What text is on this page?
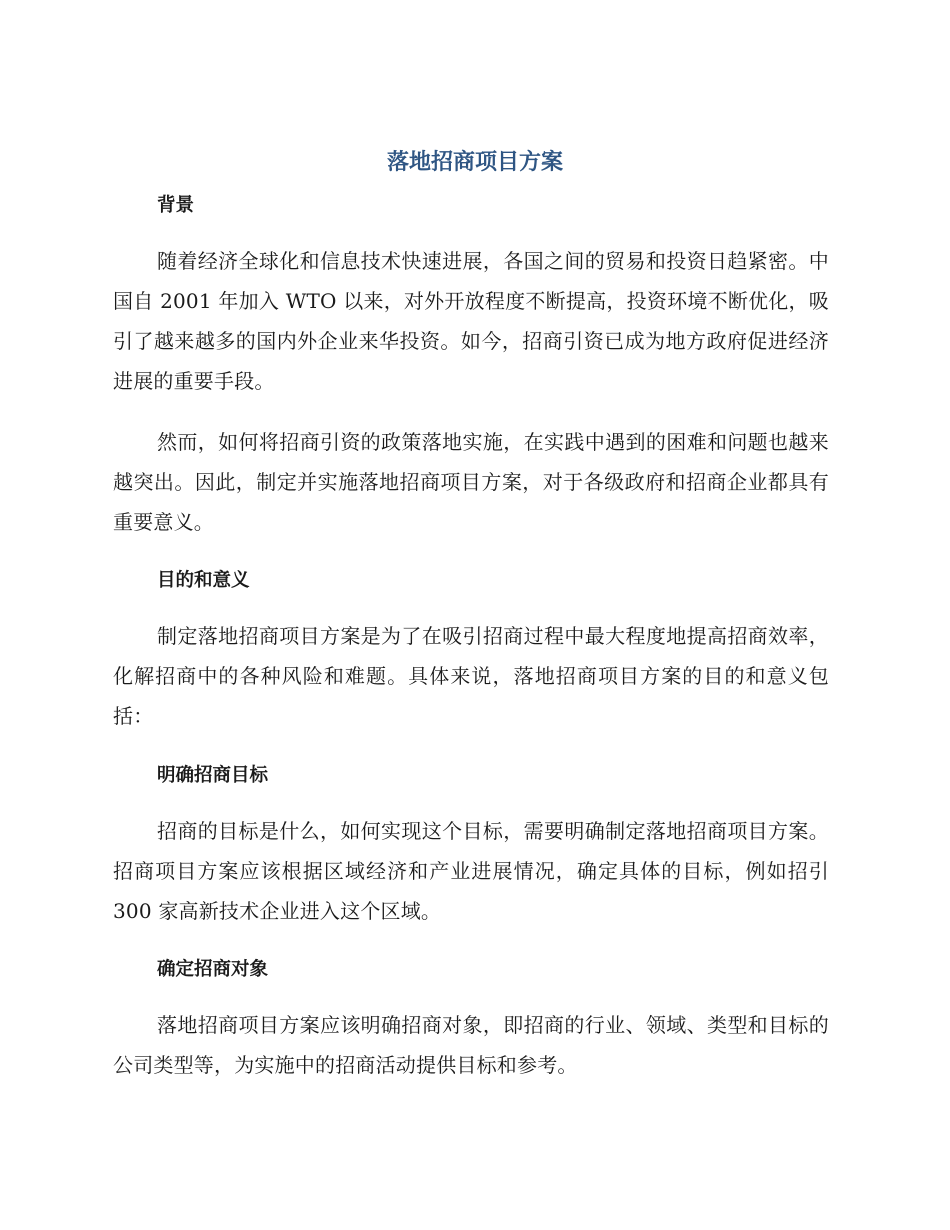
落地招商项目方案
背景

随着经济全球化和信息技术快速进展，各国之间的贸易和投资日趋紧密。中国自 2001 年加入 WTO 以来，对外开放程度不断提高，投资环境不断优化，吸引了越来越多的国内外企业来华投资。如今，招商引资已成为地方政府促进经济进展的重要手段。

然而，如何将招商引资的政策落地实施，在实践中遇到的困难和问题也越来越突出。因此，制定并实施落地招商项目方案，对于各级政府和招商企业都具有重要意义。

目的和意义

制定落地招商项目方案是为了在吸引招商过程中最大程度地提高招商效率，化解招商中的各种风险和难题。具体来说，落地招商项目方案的目的和意义包括：

明确招商目标

招商的目标是什么，如何实现这个目标，需要明确制定落地招商项目方案。招商项目方案应该根据区域经济和产业进展情况，确定具体的目标，例如招引 300 家高新技术企业进入这个区域。

确定招商对象

落地招商项目方案应该明确招商对象，即招商的行业、领域、类型和目标的公司类型等，为实施中的招商活动提供目标和参考。
